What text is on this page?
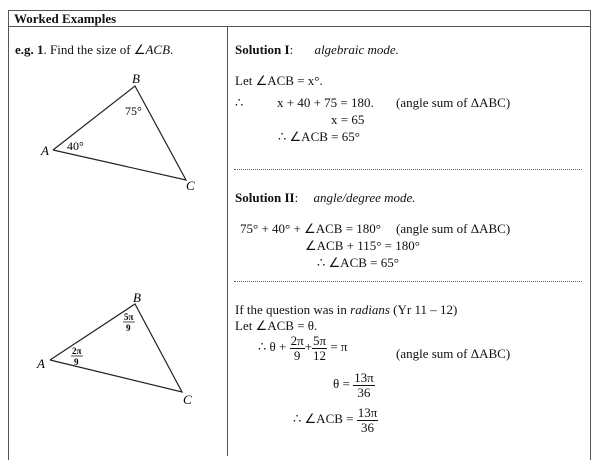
Worked Examples
e.g. 1. Find the size of ∠ACB.
A
B
C
40°
75°
A
B
C
2π
9
5π
9
Solution I: algebraic mode.
Let ∠ACB = x°.
∴	x + 40 + 75 = 180. (angle sum of ΔABC)
x = 65
∴ ∠ACB = 65°
Solution II: angle/degree mode.
75° + 40° + ∠ACB = 180° (angle sum of ΔABC)
∠ACB + 115° = 180°
∴ ∠ACB = 65°
If the question was in radians (Yr 11 – 12)
Let ∠ACB = θ.
∴ $\theta + \frac{2\pi}{9} + \frac{5\pi}{12} = \pi$	(angle sum of ΔABC)
$\theta = \frac{13\pi}{36}$
∴ ∠ACB = $\frac{13\pi}{36}$
